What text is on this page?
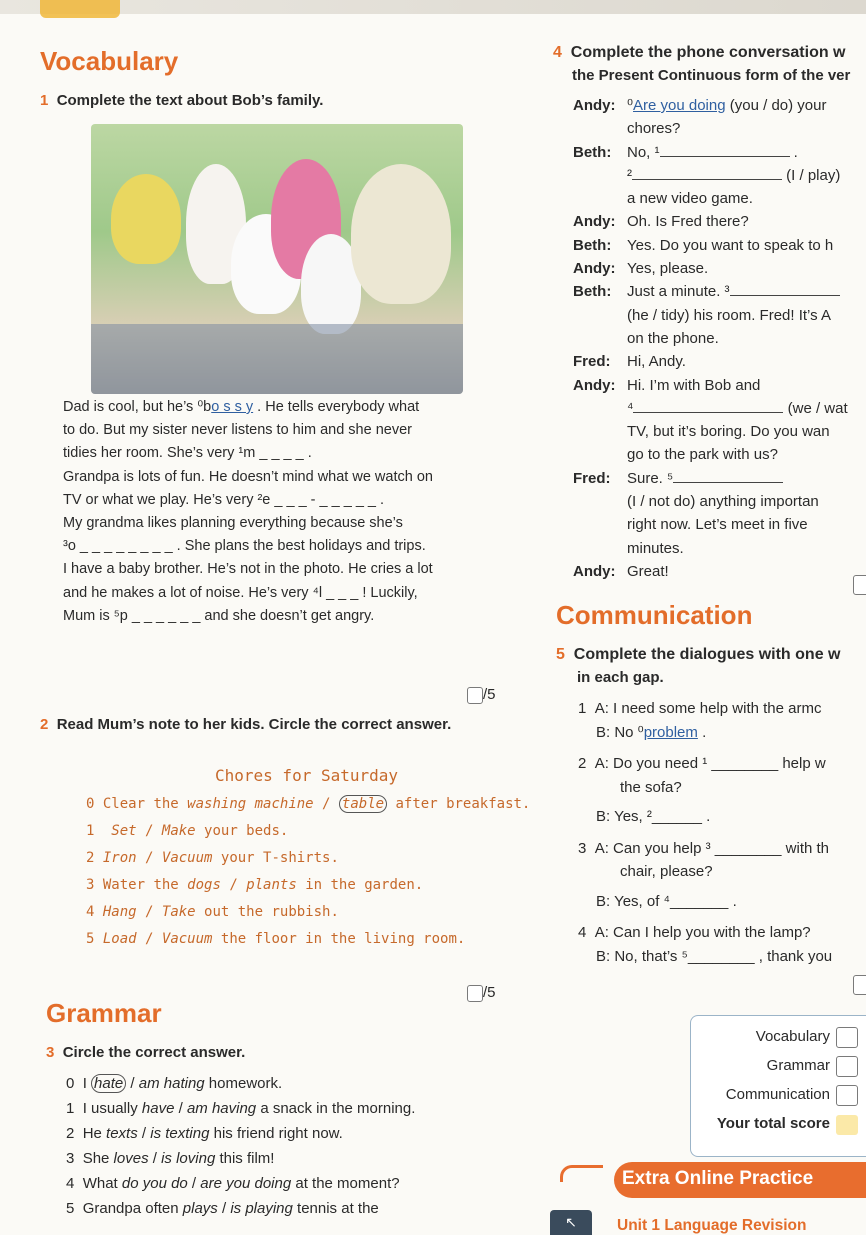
Vocabulary
1 Complete the text about Bob’s family.
Dad is cool, but he’s ⁰bo s s y . He tells everybody what
to do. But my sister never listens to him and she never
tidies her room. She’s very ¹m _ _ _ _ .
Grandpa is lots of fun. He doesn’t mind what we watch on
TV or what we play. He’s very ²e _ _ _ - _ _ _ _ _ .
My grandma likes planning everything because she’s
³o _ _ _ _ _ _ _ _ . She plans the best holidays and trips.
I have a baby brother. He’s not in the photo. He cries a lot
and he makes a lot of noise. He’s very ⁴l _ _ _ ! Luckily,
Mum is ⁵p _ _ _ _ _ _ and she doesn’t get angry.
/5
2 Read Mum’s note to her kids. Circle the correct answer.
Chores for Saturday
0 Clear the washing machine / table after breakfast.
1 Set / Make your beds.
2 Iron / Vacuum your T-shirts.
3 Water the dogs / plants in the garden.
4 Hang / Take out the rubbish.
5 Load / Vacuum the floor in the living room.
/5
Grammar
3 Circle the correct answer.
0 I hate / am hating homework.
1 I usually have / am having a snack in the morning.
2 He texts / is texting his friend right now.
3 She loves / is loving this film!
4 What do you do / are you doing at the moment?
5 Grandpa often plays / is playing tennis at the
4 Complete the phone conversation w
the Present Continuous form of the ver
Andy: ⁰Are you doing (you / do) your
chores?
Beth: No, ¹	.
²	(I / play)
a new video game.
Andy: Oh. Is Fred there?
Beth: Yes. Do you want to speak to h
Andy: Yes, please.
Beth: Just a minute. ³
(he / tidy) his room. Fred! It’s A
on the phone.
Fred: Hi, Andy.
Andy: Hi. I’m with Bob and
⁴	(we / wat
TV, but it’s boring. Do you wan
go to the park with us?
Fred: Sure. ⁵
(I / not do) anything importan
right now. Let’s meet in five
minutes.
Andy: Great!
Communication
5 Complete the dialogues with one w
in each gap.
1 A: I need some help with the armc
B: No ⁰problem .
2 A: Do you need ¹ ________ help w
the sofa?
B: Yes, ²______ .
3 A: Can you help ³ ________ with th
chair, please?
B: Yes, of ⁴_______ .
4 A: Can I help you with the lamp?
B: No, that’s ⁵________ , thank you
Vocabulary
Grammar
Communication
Your total score
Extra Online Practice
↖	Unit 1 Language Revision
